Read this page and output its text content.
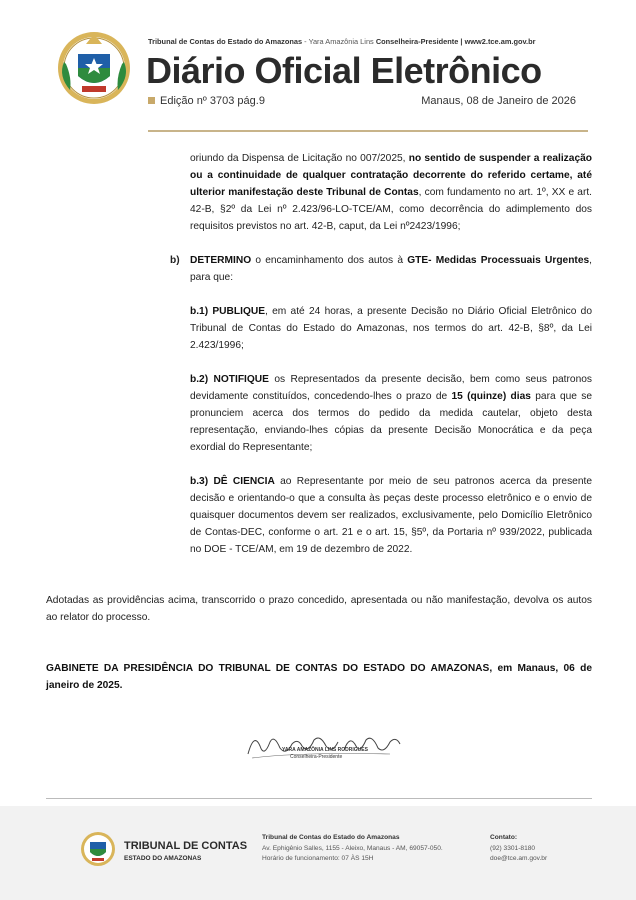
Tribunal de Contas do Estado do Amazonas - Yara Amazônia Lins Conselheira-Presidente | www2.tce.am.gov.br
Diário Oficial Eletrônico
Edição nº 3703 pág.9	Manaus, 08 de Janeiro de 2026

oriundo da Dispensa de Licitação no 007/2025, no sentido de suspender a realização ou a continuidade de qualquer contratação decorrente do referido certame, até ulterior manifestação deste Tribunal de Contas, com fundamento no art. 1º, XX e art. 42-B, §2º da Lei nº 2.423/96-LO-TCE/AM, como decorrência do adimplemento dos requisitos previstos no art. 42-B, caput, da Lei nº2423/1996;

b) DETERMINO o encaminhamento dos autos à GTE- Medidas Processuais Urgentes, para que:

b.1) PUBLIQUE, em até 24 horas, a presente Decisão no Diário Oficial Eletrônico do Tribunal de Contas do Estado do Amazonas, nos termos do art. 42-B, §8º, da Lei 2.423/1996;

b.2) NOTIFIQUE os Representados da presente decisão, bem como seus patronos devidamente constituídos, concedendo-lhes o prazo de 15 (quinze) dias para que se pronunciem acerca dos termos do pedido da medida cautelar, objeto desta representação, enviando-lhes cópias da presente Decisão Monocrática e da peça exordial do Representante;

b.3) DÊ CIENCIA ao Representante por meio de seu patronos acerca da presente decisão e orientando-o que a consulta às peças deste processo eletrônico e o envio de quaisquer documentos devem ser realizados, exclusivamente, pelo Domicílio Eletrônico de Contas-DEC, conforme o art. 21 e o art. 15, §5º, da Portaria nº 939/2022, publicada no DOE - TCE/AM, em 19 de dezembro de 2022.

Adotadas as providências acima, transcorrido o prazo concedido, apresentada ou não manifestação, devolva os autos ao relator do processo.

GABINETE DA PRESIDÊNCIA DO TRIBUNAL DE CONTAS DO ESTADO DO AMAZONAS, em Manaus, 06 de janeiro de 2025.

YARA AMAZÔNIA LINS RODRIGUES
Conselheira-Presidente
TRIBUNAL DE CONTAS
ESTADO DO AMAZONAS
Tribunal de Contas do Estado do Amazonas
Av. Ephigênio Salles, 1155 - Aleixo, Manaus - AM, 69057-050.
Horário de funcionamento: 07 ÀS 15H
Contato:
(92) 3301-8180
doe@tce.am.gov.br
